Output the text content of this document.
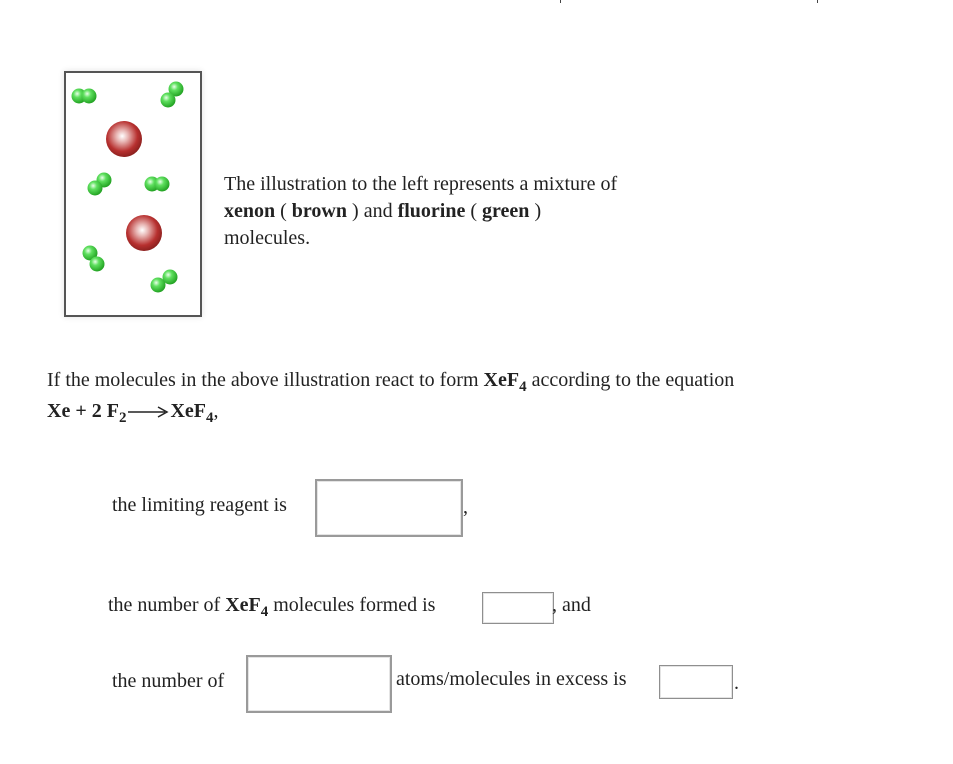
The illustration to the left represents a mixture of
xenon ( brown ) and fluorine ( green )
molecules.
If the molecules in the above illustration react to form XeF$_4$ according to the equation
Xe + 2 $F_2\to XeF_4$,
the limiting reagent is	,
the number of XeF$_4$ molecules formed is	, and
the number of	atoms/molecules in excess is	.
